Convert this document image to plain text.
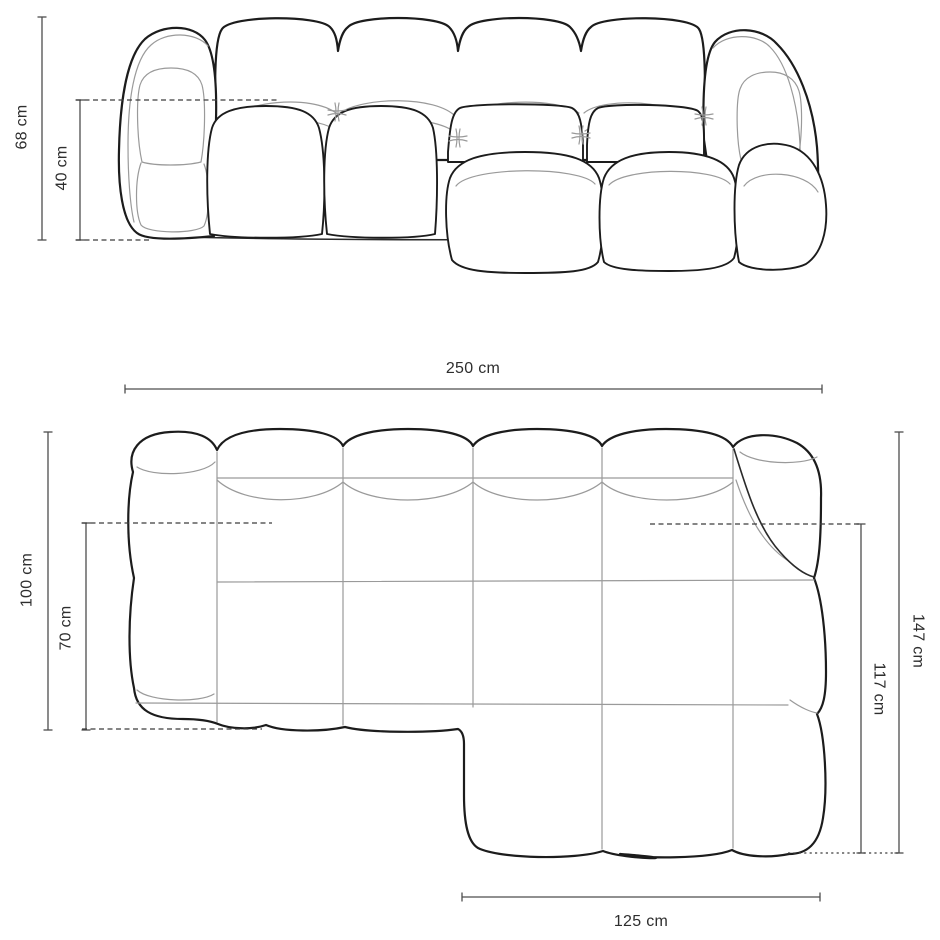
68 cm
40 cm
250 cm
100 cm
70 cm	147 cm
117 cm
125 cm
